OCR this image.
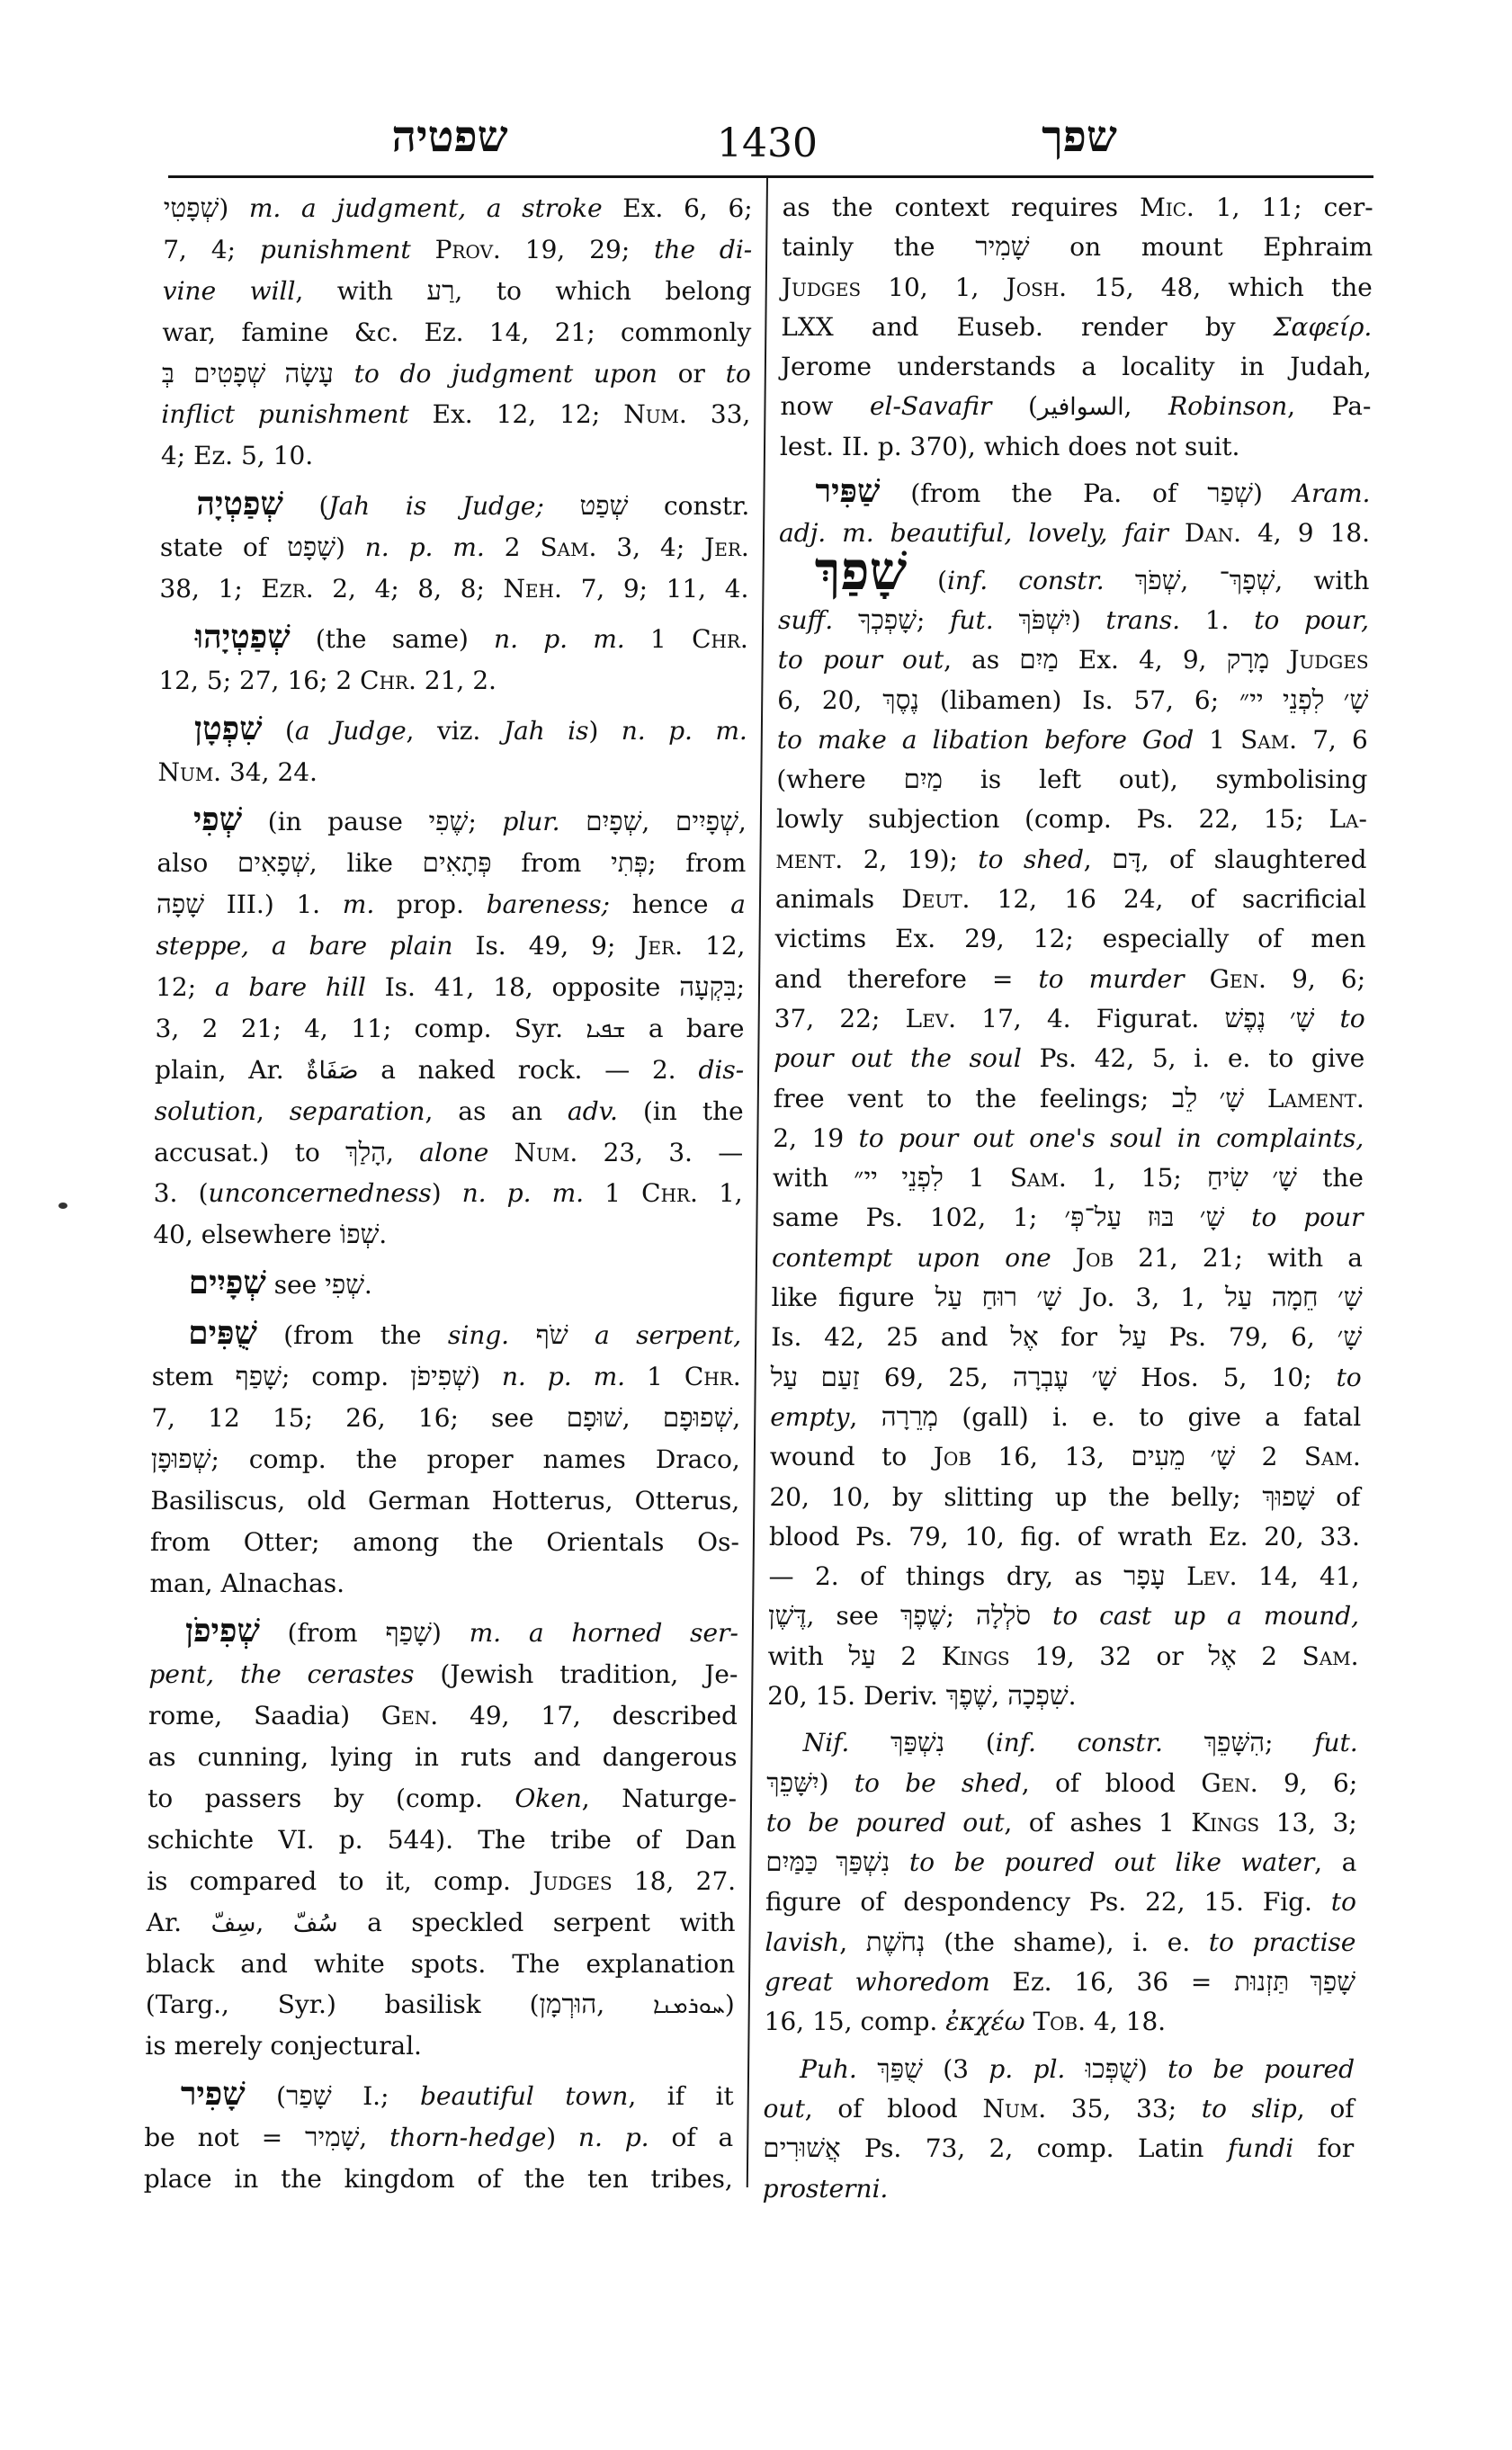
שפטיה	1430	שפך
שְׁפָטִי) m. a judgment, a stroke Ex. 6, 6;
7, 4; punishment Prov. 19, 29; the di-
vine will, with רַע, to which belong
war, famine &c. Ez. 14, 21; commonly
עָשָׂה שְׁפָטִים בְּ to do judgment upon or to
inflict punishment Ex. 12, 12; Num. 33,
4; Ez. 5, 10.
שְׁפַטְיָה (Jah is Judge; שְׁפַט constr.
state of שָׁפָט) n. p. m. 2 Sam. 3, 4; Jer.
38, 1; Ezr. 2, 4; 8, 8; Neh. 7, 9; 11, 4.
שְׁפַטְיָהוּ (the same) n. p. m. 1 Chr.
12, 5; 27, 16; 2 Chr. 21, 2.
שִׁפְטָן (a Judge, viz. Jah is) n. p. m.
Num. 34, 24.
שְׁפִי (in pause שֶׁפִי; plur. שְׁפָיִם, שְׁפָיִים,
also שְׁפָאִים, like פְּתָאִים from פְּתִי; from
שָׁפָה III.) 1. m. prop. bareness; hence a
steppe, a bare plain Is. 49, 9; Jer. 12,
12; a bare hill Is. 41, 18, opposite בִּקְעָה;
3, 2 21; 4, 11; comp. Syr. ܫܦܝܐ a bare
plain, Ar. صَفَاةٌ a naked rock. — 2. dis-
solution, separation, as an adv. (in the
accusat.) to הָלַךְ, alone Num. 23, 3. —
3. (unconcernedness) n. p. m. 1 Chr. 1,
40, elsewhere שְׁפוֹ.
שְׁפָיִים see שְׁפִי.
שֻׁפִּים (from the sing. שֹׁף a serpent,
stem שָׁפַף; comp. שְׁפִיפֹן) n. p. m. 1 Chr.
7, 12 15; 26, 16; see שׁוּפָם, שְׁפוּפָם,
שְׁפוּפָן; comp. the proper names Draco,
Basiliscus, old German Hotterus, Otterus,
from Otter; among the Orientals Os-
man, Alnachas.
שְׁפִיפֹן (from שָׁפַף) m. a horned ser-
pent, the cerastes (Jewish tradition, Je-
rome, Saadia) Gen. 49, 17, described
as cunning, lying in ruts and dangerous
to passers by (comp. Oken, Naturge-
schichte VI. p. 544). The tribe of Dan
is compared to it, comp. Judges 18, 27.
Ar. سِفّ, سُفّ a speckled serpent with
black and white spots. The explanation
(Targ., Syr.) basilisk (הוּרְמָן, ܚܘܪܡܢܐ)
is merely conjectural.
שָׁפִיר (שָׁפַר I.; beautiful town, if it
be not = שָׁמִיר, thorn-hedge) n. p. of a
place in the kingdom of the ten tribes,
as the context requires Mic. 1, 11; cer-
tainly the שָׁמִיר on mount Ephraim
Judges 10, 1, Josh. 15, 48, which the
LXX and Euseb. render by Σαφείρ.
Jerome understands a locality in Judah,
now el-Savafir (السوافير, Robinson, Pa-
lest. II. p. 370), which does not suit.
שַׁפִּיר (from the Pa. of שְׁפַר) Aram.
adj. m. beautiful, lovely, fair Dan. 4, 9 18.
שָׁפַךְ (inf. constr. שְׁפֹךְ, שְׁפָךְ־, with
suff. שָׁפְכְךָ; fut. יִשְׁפֹּךְ) trans. 1. to pour,
to pour out, as מַיִם Ex. 4, 9, מָרָק Judges
6, 20, נֶסֶךְ (libamen) Is. 57, 6; שָׁ׳ לִפְנֵי יי״
to make a libation before God 1 Sam. 7, 6
(where מַיִם is left out), symbolising
lowly subjection (comp. Ps. 22, 15; La-
ment. 2, 19); to shed, דָּם, of slaughtered
animals Deut. 12, 16 24, of sacrificial
victims Ex. 29, 12; especially of men
and therefore = to murder Gen. 9, 6;
37, 22; Lev. 17, 4. Figurat. שָׁ׳ נֶפֶשׁ to
pour out the soul Ps. 42, 5, i. e. to give
free vent to the feelings; שָׁ׳ לֵב Lament.
2, 19 to pour out one's soul in complaints,
with לִפְנֵי יי״ 1 Sam. 1, 15; שָׁ׳ שִׂיחַ the
same Ps. 102, 1; שָׁ׳ בּוּז עַל־פְּ׳ to pour
contempt upon one Job 21, 21; with a
like figure שָׁ׳ רוּחַ עַל Jo. 3, 1, שָׁ׳ חֵמָה עַל
Is. 42, 25 and אֶל for עַל Ps. 79, 6, שָׁ׳
זַעַם עַל 69, 25, שָׁ׳ עֶבְרָה Hos. 5, 10; to
empty, מְרֵרָה (gall) i. e. to give a fatal
wound to Job 16, 13, שָׁ׳ מֵעִים 2 Sam.
20, 10, by slitting up the belly; שָׁפוּךְ of
blood Ps. 79, 10, fig. of wrath Ez. 20, 33.
— 2. of things dry, as עָפָר Lev. 14, 41,
דֶּשֶׁן, see שֶׁפֶךְ; סֹלְלָה to cast up a mound,
with עַל 2 Kings 19, 32 or אֶל 2 Sam.
20, 15. Deriv. שֶׁפֶךְ, שִׁפְכָה.
Nif. נִשְׁפַּךְ (inf. constr. הִשָּׁפֵךְ; fut.
יִשָּׁפֵךְ) to be shed, of blood Gen. 9, 6;
to be poured out, of ashes 1 Kings 13, 3;
נִשְׁפַּךְ כַּמַּיִם to be poured out like water, a
figure of despondency Ps. 22, 15. Fig. to
lavish, נְחֹשֶׁת (the shame), i. e. to practise
great whoredom Ez. 16, 36 = שָׁפַךְ תַּזְנוּת
16, 15, comp. ἐκχέω Tob. 4, 18.
Puh. שֻׁפַּךְ (3 p. pl. שֻׁפְּכוּ) to be poured
out, of blood Num. 35, 33; to slip, of
אֲשׁוּרִים Ps. 73, 2, comp. Latin fundi for
prosterni.
